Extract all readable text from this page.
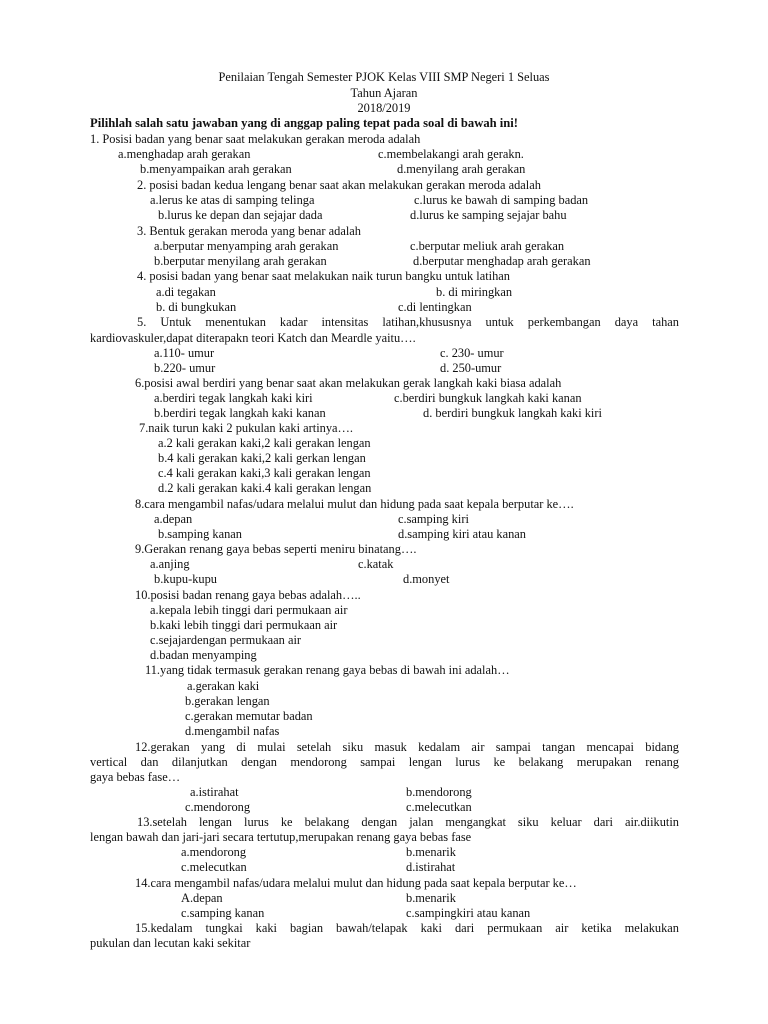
Penilaian Tengah Semester PJOK Kelas VIII SMP Negeri 1 Seluas
Tahun Ajaran
2018/2019
Pilihlah salah satu jawaban yang di anggap paling tepat pada soal di bawah ini!
1. Posisi badan yang benar saat melakukan gerakan meroda adalah
a.menghadap arah gerakan	c.membelakangi arah gerakn.
b.menyampaikan arah gerakan	d.menyilang arah gerakan
2. posisi badan kedua lengang benar saat akan melakukan gerakan meroda adalah
a.lerus ke atas di samping telinga	c.lurus ke bawah di samping badan
b.lurus ke depan dan sejajar dada	d.lurus ke samping sejajar bahu
3. Bentuk gerakan meroda yang benar adalah
a.berputar menyamping arah gerakan	c.berputar meliuk arah gerakan
b.berputar menyilang arah gerakan	d.berputar menghadap arah gerakan
4. posisi badan yang benar saat melakukan naik turun bangku untuk latihan
a.di tegakan	b. di miringkan
b. di bungkukan	c.di lentingkan
5. Untuk menentukan kadar intensitas latihan,khususnya untuk perkembangan daya tahan
kardiovaskuler,dapat diterapakn teori Katch dan Meardle yaitu….
a.110- umur	c. 230- umur
b.220- umur	d. 250-umur
6.posisi awal berdiri yang benar saat akan melakukan gerak langkah kaki biasa adalah
a.berdiri tegak langkah kaki kiri	c.berdiri bungkuk langkah kaki kanan
b.berdiri tegak langkah kaki kanan	d. berdiri bungkuk langkah kaki kiri
7.naik turun kaki 2 pukulan kaki artinya….
a.2 kali gerakan kaki,2 kali gerakan lengan
b.4 kali gerakan kaki,2 kali gerkan lengan
c.4 kali gerakan kaki,3 kali gerakan lengan
d.2 kali gerakan kaki.4 kali gerakan lengan
8.cara mengambil nafas/udara melalui mulut dan hidung pada saat kepala berputar ke….
a.depan	c.samping kiri
b.samping kanan	d.samping kiri atau kanan
9.Gerakan renang gaya bebas seperti meniru binatang….
a.anjing	c.katak
b.kupu-kupu	d.monyet
10.posisi badan renang gaya bebas adalah…..
a.kepala lebih tinggi dari permukaan air
b.kaki lebih tinggi dari permukaan air
c.sejajardengan permukaan air
d.badan menyamping
11.yang tidak termasuk gerakan renang gaya bebas di bawah ini adalah…
a.gerakan kaki
b.gerakan lengan
c.gerakan memutar badan
d.mengambil nafas
12.gerakan yang di mulai setelah siku masuk kedalam air sampai tangan mencapai bidang
vertical dan dilanjutkan dengan mendorong sampai lengan lurus ke belakang merupakan renang
gaya bebas fase…
a.istirahat	b.mendorong
c.mendorong	c.melecutkan
13.setelah lengan lurus ke belakang dengan jalan mengangkat siku keluar dari air.diikutin
lengan bawah dan jari-jari secara tertutup,merupakan renang gaya bebas fase
a.mendorong	b.menarik
c.melecutkan	d.istirahat
14.cara mengambil nafas/udara melalui mulut dan hidung pada saat kepala berputar ke…
A.depan	b.menarik
c.samping kanan	c.sampingkiri atau kanan
15.kedalam tungkai kaki bagian bawah/telapak kaki dari permukaan air ketika melakukan
pukulan dan lecutan kaki sekitar
